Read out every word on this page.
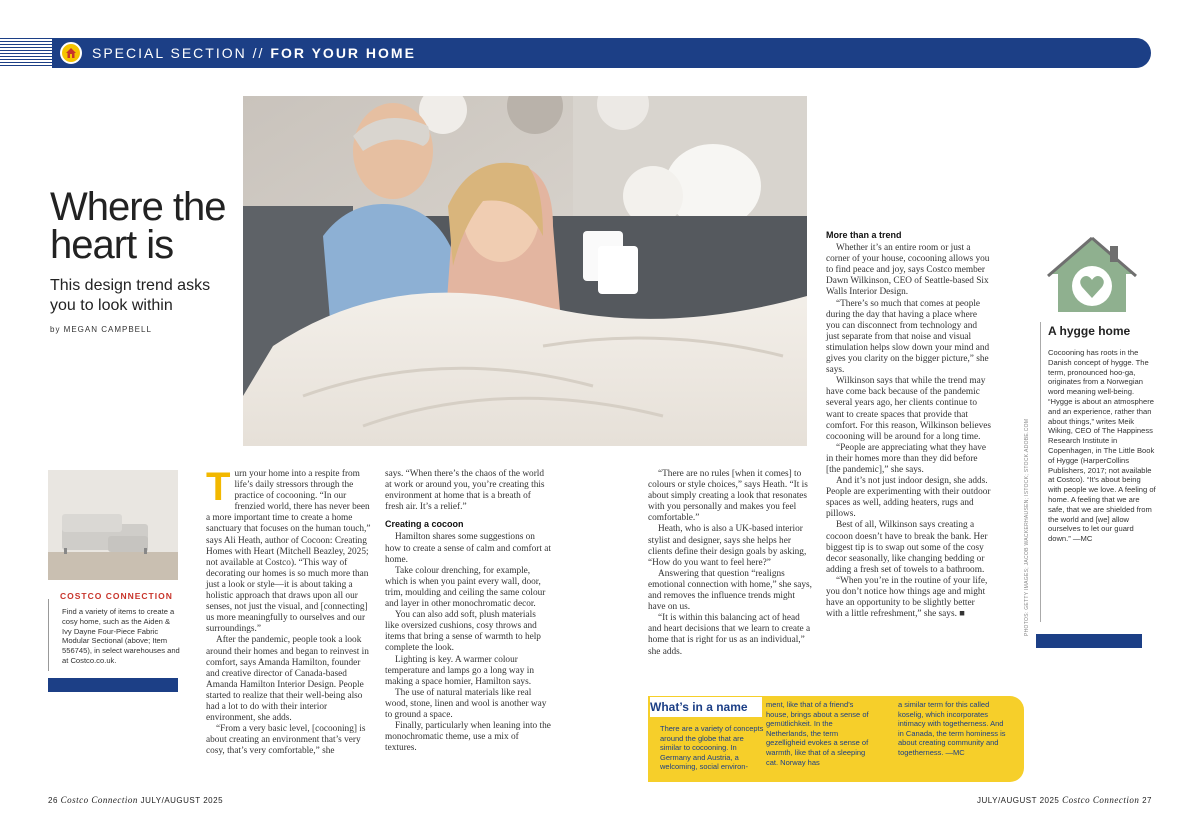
SPECIAL SECTION // FOR YOUR HOME
Where the
heart is
This design trend asks you to look within
by MEGAN CAMPBELL
COSTCO CONNECTION
Find a variety of items to create a cosy home, such as the Aiden & Ivy Dayne Four-Piece Fabric Modular Sectional (above; Item 556745), in select warehouses and at Costco.co.uk.
T urn your home into a respite from life’s daily stressors through the practice of cocooning. “In our frenzied world, there has never been a more important time to create a home sanctuary that focuses on the human touch,” says Ali Heath, author of Cocoon: Creating Homes with Heart (Mitchell Beazley, 2025; not available at Costco). “This way of decorating our homes is so much more than just a look or style—it is about taking a holistic approach that draws upon all our senses, not just the visual, and [connecting] us more meaningfully to ourselves and our surroundings.”

After the pandemic, people took a look around their homes and began to reinvest in comfort, says Amanda Hamilton, founder and creative director of Canada-based Amanda Hamilton Interior Design. People started to realize that their well-being also had a lot to do with their interior environment, she adds.

“From a very basic level, [cocooning] is about creating an environment that’s very cosy, that’s very comfortable,” she

says. “When there’s the chaos of the world at work or around you, you’re creating this environment at home that is a breath of fresh air. It’s a relief.”

Creating a cocoon

Hamilton shares some suggestions on how to create a sense of calm and comfort at home.

Take colour drenching, for example, which is when you paint every wall, door, trim, moulding and ceiling the same colour and layer in other monochromatic decor.

You can also add soft, plush materials like oversized cushions, cosy throws and items that bring a sense of warmth to help complete the look.

Lighting is key. A warmer colour temperature and lamps go a long way in making a space homier, Hamilton says.

The use of natural materials like real wood, stone, linen and wool is another way to ground a space.

Finally, particularly when leaning into the monochromatic theme, use a mix of textures.

“There are no rules [when it comes] to colours or style choices,” says Heath. “It is about simply creating a look that resonates with you personally and makes you feel comfortable.”

Heath, who is also a UK-based interior stylist and designer, says she helps her clients define their design goals by asking, “How do you want to feel here?”

Answering that question “realigns emotional connection with home,” she says, and removes the influence trends might have on us.

“It is within this balancing act of head and heart decisions that we learn to create a home that is right for us as an individual,” she adds.

More than a trend

Whether it’s an entire room or just a corner of your house, cocooning allows you to find peace and joy, says Costco member Dawn Wilkinson, CEO of Seattle-based Six Walls Interior Design.

“There’s so much that comes at people during the day that having a place where you can disconnect from technology and just separate from that noise and visual stimulation helps slow down your mind and gives you clarity on the bigger picture,” she says.

Wilkinson says that while the trend may have come back because of the pandemic several years ago, her clients continue to want to create spaces that provide that comfort. For this reason, Wilkinson believes cocooning will be around for a long time.

“People are appreciating what they have in their homes more than they did before [the pandemic],” she says.

And it’s not just indoor design, she adds. People are experimenting with their outdoor spaces as well, adding heaters, rugs and pillows.

Best of all, Wilkinson says creating a cocoon doesn’t have to break the bank. Her biggest tip is to swap out some of the cosy decor seasonally, like changing bedding or adding a fresh set of towels to a bathroom.

“When you’re in the routine of your life, you don’t notice how things age and might have an opportunity to be slightly better with a little refreshment,” she says. ■	PHOTOS: GETTY IMAGES; JACOB WACKERHAUSEN; ISTOCK; STOCK.ADOBE.COM
A hygge home
Cocooning has roots in the Danish concept of hygge. The term, pronounced hoo-ga, originates from a Norwegian word meaning well-being. “Hygge is about an atmosphere and an experience, rather than about things,” writes Meik Wiking, CEO of The Happiness Research Institute in Copenhagen, in The Little Book of Hygge (HarperCollins Publishers, 2017; not available at Costco). “It’s about being with people we love. A feeling of home. A feeling that we are safe, that we are shielded from the world and [we] allow ourselves to let our guard down.” —MC
What’s in a name
There are a variety of concepts around the globe that are similar to cocooning. In Germany and Austria, a welcoming, social environ-
ment, like that of a friend’s house, brings about a sense of gemütlichkeit. In the Netherlands, the term gezelligheid evokes a sense of warmth, like that of a sleeping cat. Norway has
a similar term for this called koselig, which incorporates intimacy with togetherness. And in Canada, the term hominess is about creating community and togetherness. —MC
26 Costco Connection JULY/AUGUST 2025	JULY/AUGUST 2025 Costco Connection 27
